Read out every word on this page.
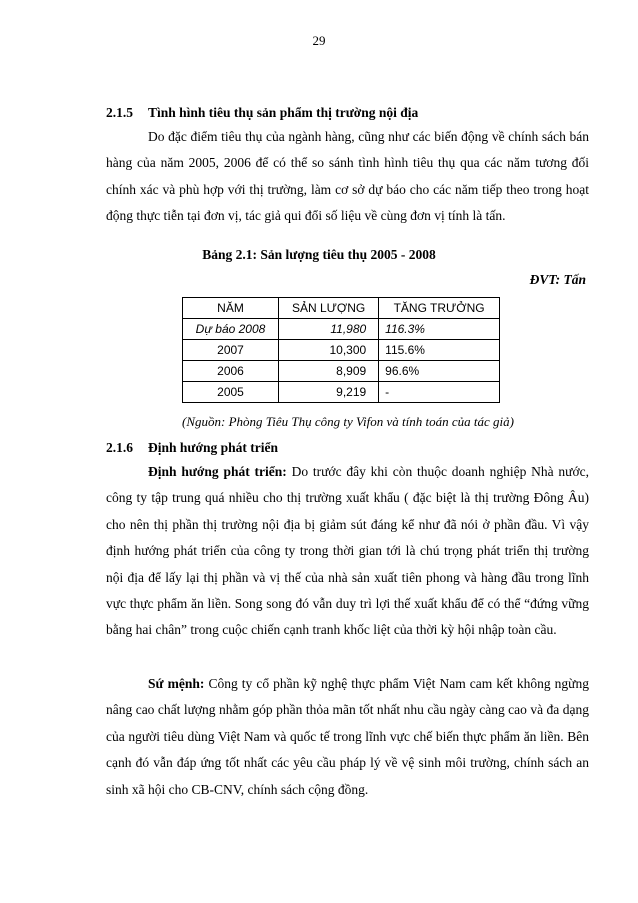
29
2.1.5 Tình hình tiêu thụ sản phẩm thị trường nội địa
Do đặc điểm tiêu thụ của ngành hàng, cũng như các biến động về chính sách bán hàng của năm 2005, 2006 để có thể so sánh tình hình tiêu thụ qua các năm tương đối chính xác và phù hợp với thị trường, làm cơ sở dự báo cho các năm tiếp theo trong hoạt động thực tiễn tại đơn vị, tác giả qui đổi số liệu về cùng đơn vị tính là tấn.
Bảng 2.1: Sản lượng tiêu thụ 2005 - 2008
ĐVT: Tấn
NĂM	SẢN LƯỢNG	TĂNG TRƯỞNG
Dự báo 2008	11,980	116.3%
2007	10,300	115.6%
2006	8,909	96.6%
2005	9,219	-
(Nguồn: Phòng Tiêu Thụ công ty Vifon và tính toán của tác giả)
2.1.6 Định hướng phát triển
Định hướng phát triển: Do trước đây khi còn thuộc doanh nghiệp Nhà nước, công ty tập trung quá nhiều cho thị trường xuất khẩu ( đặc biệt là thị trường Đông Âu) cho nên thị phần thị trường nội địa bị giảm sút đáng kể như đã nói ở phần đầu. Vì vậy định hướng phát triển của công ty trong thời gian tới là chú trọng phát triển thị trường nội địa để lấy lại thị phần và vị thế của nhà sản xuất tiên phong và hàng đầu trong lĩnh vực thực phẩm ăn liền. Song song đó vẫn duy trì lợi thế xuất khẩu để có thể “đứng vững bằng hai chân” trong cuộc chiến cạnh tranh khốc liệt của thời kỳ hội nhập toàn cầu.
Sứ mệnh: Công ty cổ phần kỹ nghệ thực phẩm Việt Nam cam kết không ngừng nâng cao chất lượng nhằm góp phần thỏa mãn tốt nhất nhu cầu ngày càng cao và đa dạng của người tiêu dùng Việt Nam và quốc tế trong lĩnh vực chế biến thực phẩm ăn liền. Bên cạnh đó vẫn đáp ứng tốt nhất các yêu cầu pháp lý về vệ sinh môi trường, chính sách an sinh xã hội cho CB-CNV, chính sách cộng đồng.
